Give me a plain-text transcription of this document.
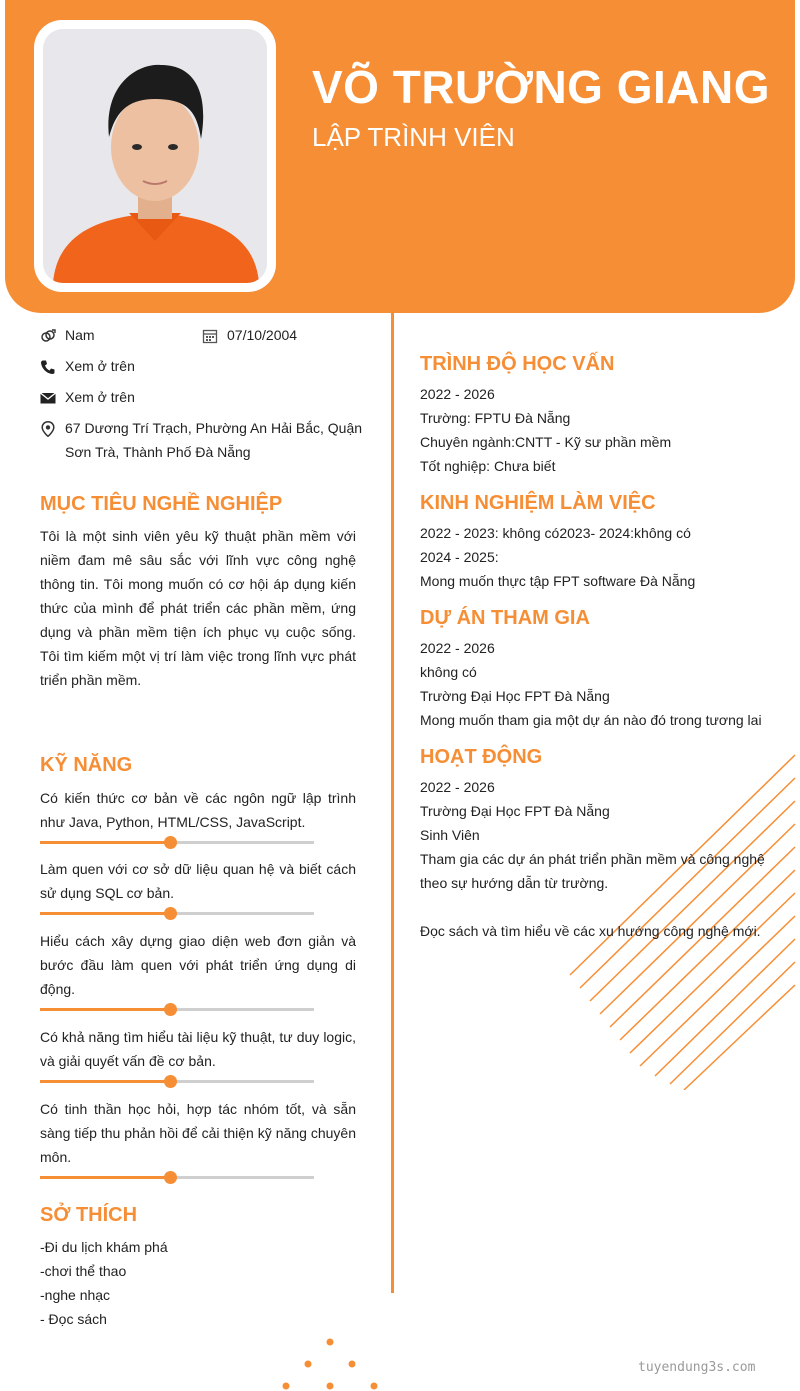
VÕ TRƯỜNG GIANG
LẬP TRÌNH VIÊN
Nam	07/10/2004
Xem ở trên
Xem ở trên
67 Dương Trí Trạch, Phường An Hải Bắc, Quận Sơn Trà, Thành Phố Đà Nẵng
MỤC TIÊU NGHỀ NGHIỆP

Tôi là một sinh viên yêu kỹ thuật phần mềm với niềm đam mê sâu sắc với lĩnh vực công nghệ thông tin. Tôi mong muốn có cơ hội áp dụng kiến thức của mình để phát triển các phần mềm, ứng dụng và phần mềm tiện ích phục vụ cuộc sống. Tôi tìm kiếm một vị trí làm việc trong lĩnh vực phát triển phần mềm.

KỸ NĂNG

Có kiến thức cơ bản về các ngôn ngữ lập trình như Java, Python, HTML/CSS, JavaScript.

Làm quen với cơ sở dữ liệu quan hệ và biết cách sử dụng SQL cơ bản.

Hiểu cách xây dựng giao diện web đơn giản và bước đầu làm quen với phát triển ứng dụng di động.

Có khả năng tìm hiểu tài liệu kỹ thuật, tư duy logic, và giải quyết vấn đề cơ bản.

Có tinh thần học hỏi, hợp tác nhóm tốt, và sẵn sàng tiếp thu phản hồi để cải thiện kỹ năng chuyên môn.

SỞ THÍCH
-Đi du lịch khám phá
-chơi thể thao
-nghe nhạc
- Đọc sách
TRÌNH ĐỘ HỌC VẤN
2022 - 2026
Trường: FPTU Đà Nẵng
Chuyên ngành:CNTT - Kỹ sư phần mềm
Tốt nghiệp: Chưa biết
KINH NGHIỆM LÀM VIỆC
2022 - 2023: không có2023- 2024:không có
2024 - 2025:
Mong muốn thực tập FPT software Đà Nẵng
DỰ ÁN THAM GIA
2022 - 2026
không có
Trường Đại Học FPT Đà Nẵng
Mong muốn tham gia một dự án nào đó trong tương lai
HOẠT ĐỘNG
2022 - 2026
Trường Đại Học FPT Đà Nẵng
Sinh Viên
Tham gia các dự án phát triển phần mềm và công nghệ
theo sự hướng dẫn từ trường.
Đọc sách và tìm hiểu về các xu hướng công nghệ mới.
tuyendung3s.com
